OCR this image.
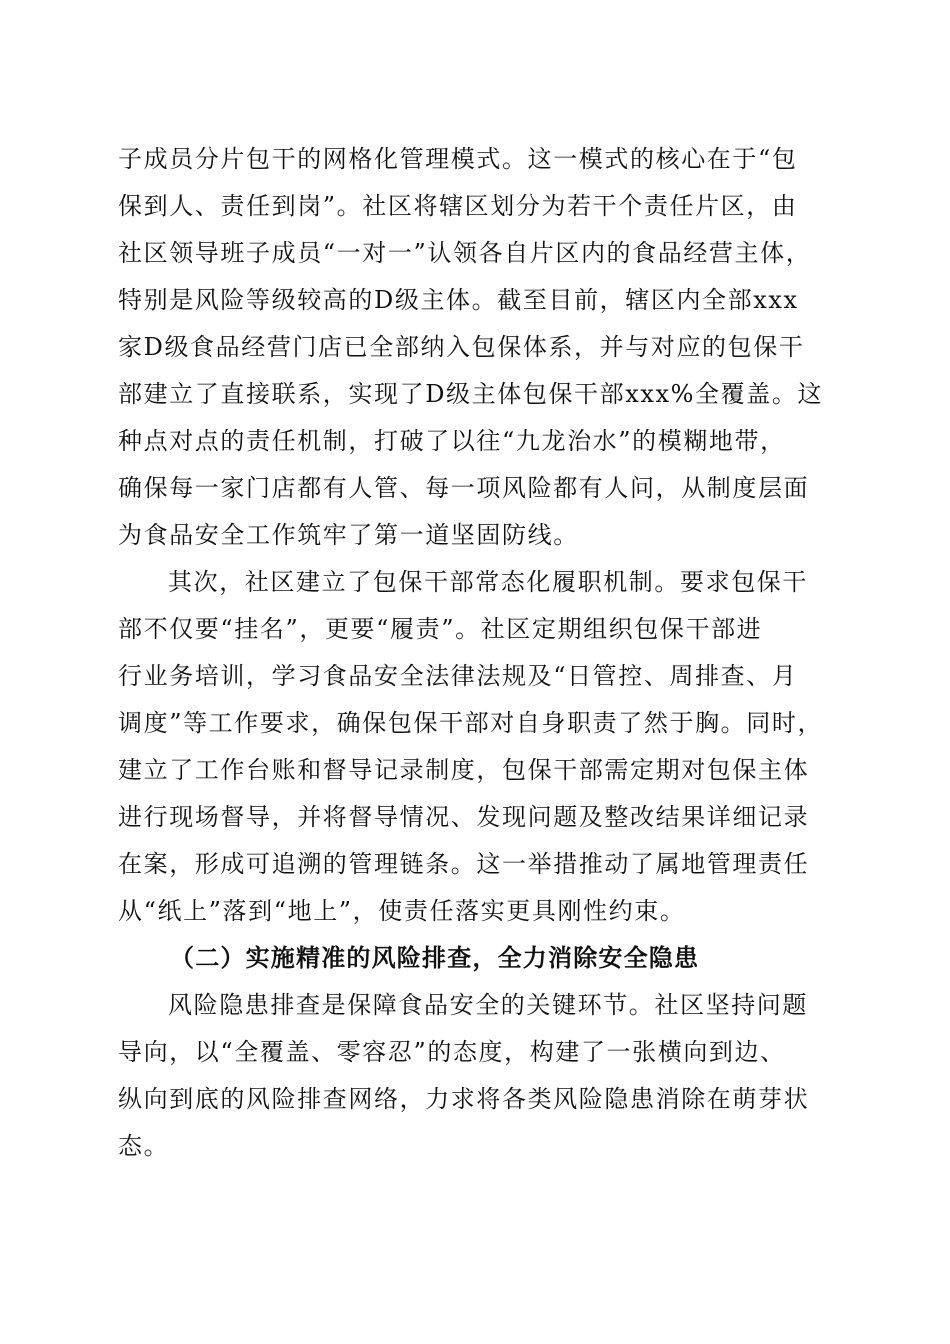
子成员分片包干的网格化管理模式。这一模式的核心在于“包
保到人、责任到岗”。社区将辖区划分为若干个责任片区，由
社区领导班子成员“一对一”认领各自片区内的食品经营主体，
特别是风险等级较高的D级主体。截至目前，辖区内全部xxx
家D级食品经营门店已全部纳入包保体系，并与对应的包保干
部建立了直接联系，实现了D级主体包保干部xxx%全覆盖。这
种点对点的责任机制，打破了以往“九龙治水”的模糊地带，
确保每一家门店都有人管、每一项风险都有人问，从制度层面
为食品安全工作筑牢了第一道坚固防线。
其次，社区建立了包保干部常态化履职机制。要求包保干
部不仅要“挂名”，更要“履责”。社区定期组织包保干部进
行业务培训，学习食品安全法律法规及“日管控、周排查、月
调度”等工作要求，确保包保干部对自身职责了然于胸。同时，
建立了工作台账和督导记录制度，包保干部需定期对包保主体
进行现场督导，并将督导情况、发现问题及整改结果详细记录
在案，形成可追溯的管理链条。这一举措推动了属地管理责任
从“纸上”落到“地上”，使责任落实更具刚性约束。
（二）实施精准的风险排查，全力消除安全隐患
风险隐患排查是保障食品安全的关键环节。社区坚持问题
导向，以“全覆盖、零容忍”的态度，构建了一张横向到边、
纵向到底的风险排查网络，力求将各类风险隐患消除在萌芽状
态。
